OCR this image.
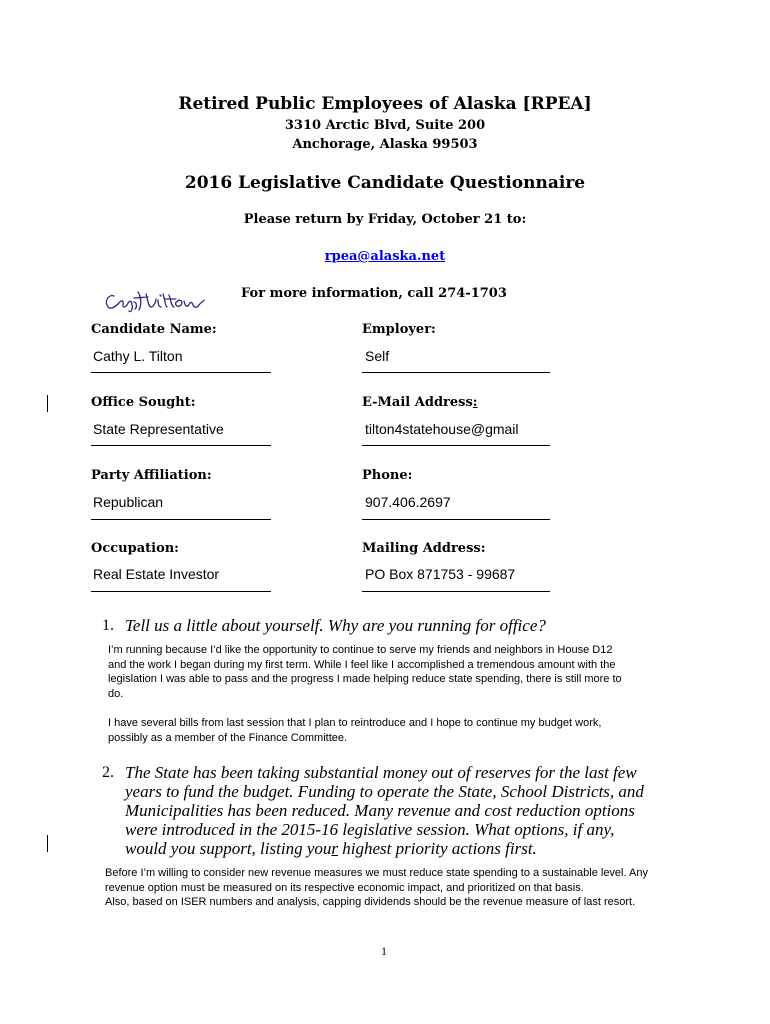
Retired Public Employees of Alaska [RPEA]
3310 Arctic Blvd, Suite 200
Anchorage, Alaska 99503
2016 Legislative Candidate Questionnaire
Please return by Friday, October 21 to:
rpea@alaska.net
For more information, call 274-1703
Candidate Name:
Cathy L. Tilton
Employer:
Self
Office Sought:
State Representative
E-Mail Address:
tilton4statehouse@gmail
Party Affiliation:
Republican
Phone:
907.406.2697
Occupation:
Real Estate Investor
Mailing Address:
PO Box 871753 - 99687
1. Tell us a little about yourself. Why are you running for office?

I’m running because I’d like the opportunity to continue to serve my friends and neighbors in House D12 and the work I began during my first term. While I feel like I accomplished a tremendous amount with the legislation I was able to pass and the progress I made helping reduce state spending, there is still more to do.

I have several bills from last session that I plan to reintroduce and I hope to continue my budget work, possibly as a member of the Finance Committee.

2. The State has been taking substantial money out of reserves for the last few years to fund the budget. Funding to operate the State, School Districts, and Municipalities has been reduced. Many revenue and cost reduction options were introduced in the 2015-16 legislative session. What options, if any, would you support, listing your highest priority actions first.

Before I’m willing to consider new revenue measures we must reduce state spending to a sustainable level. Any revenue option must be measured on its respective economic impact, and prioritized on that basis.

Also, based on ISER numbers and analysis, capping dividends should be the revenue measure of last resort.

1
